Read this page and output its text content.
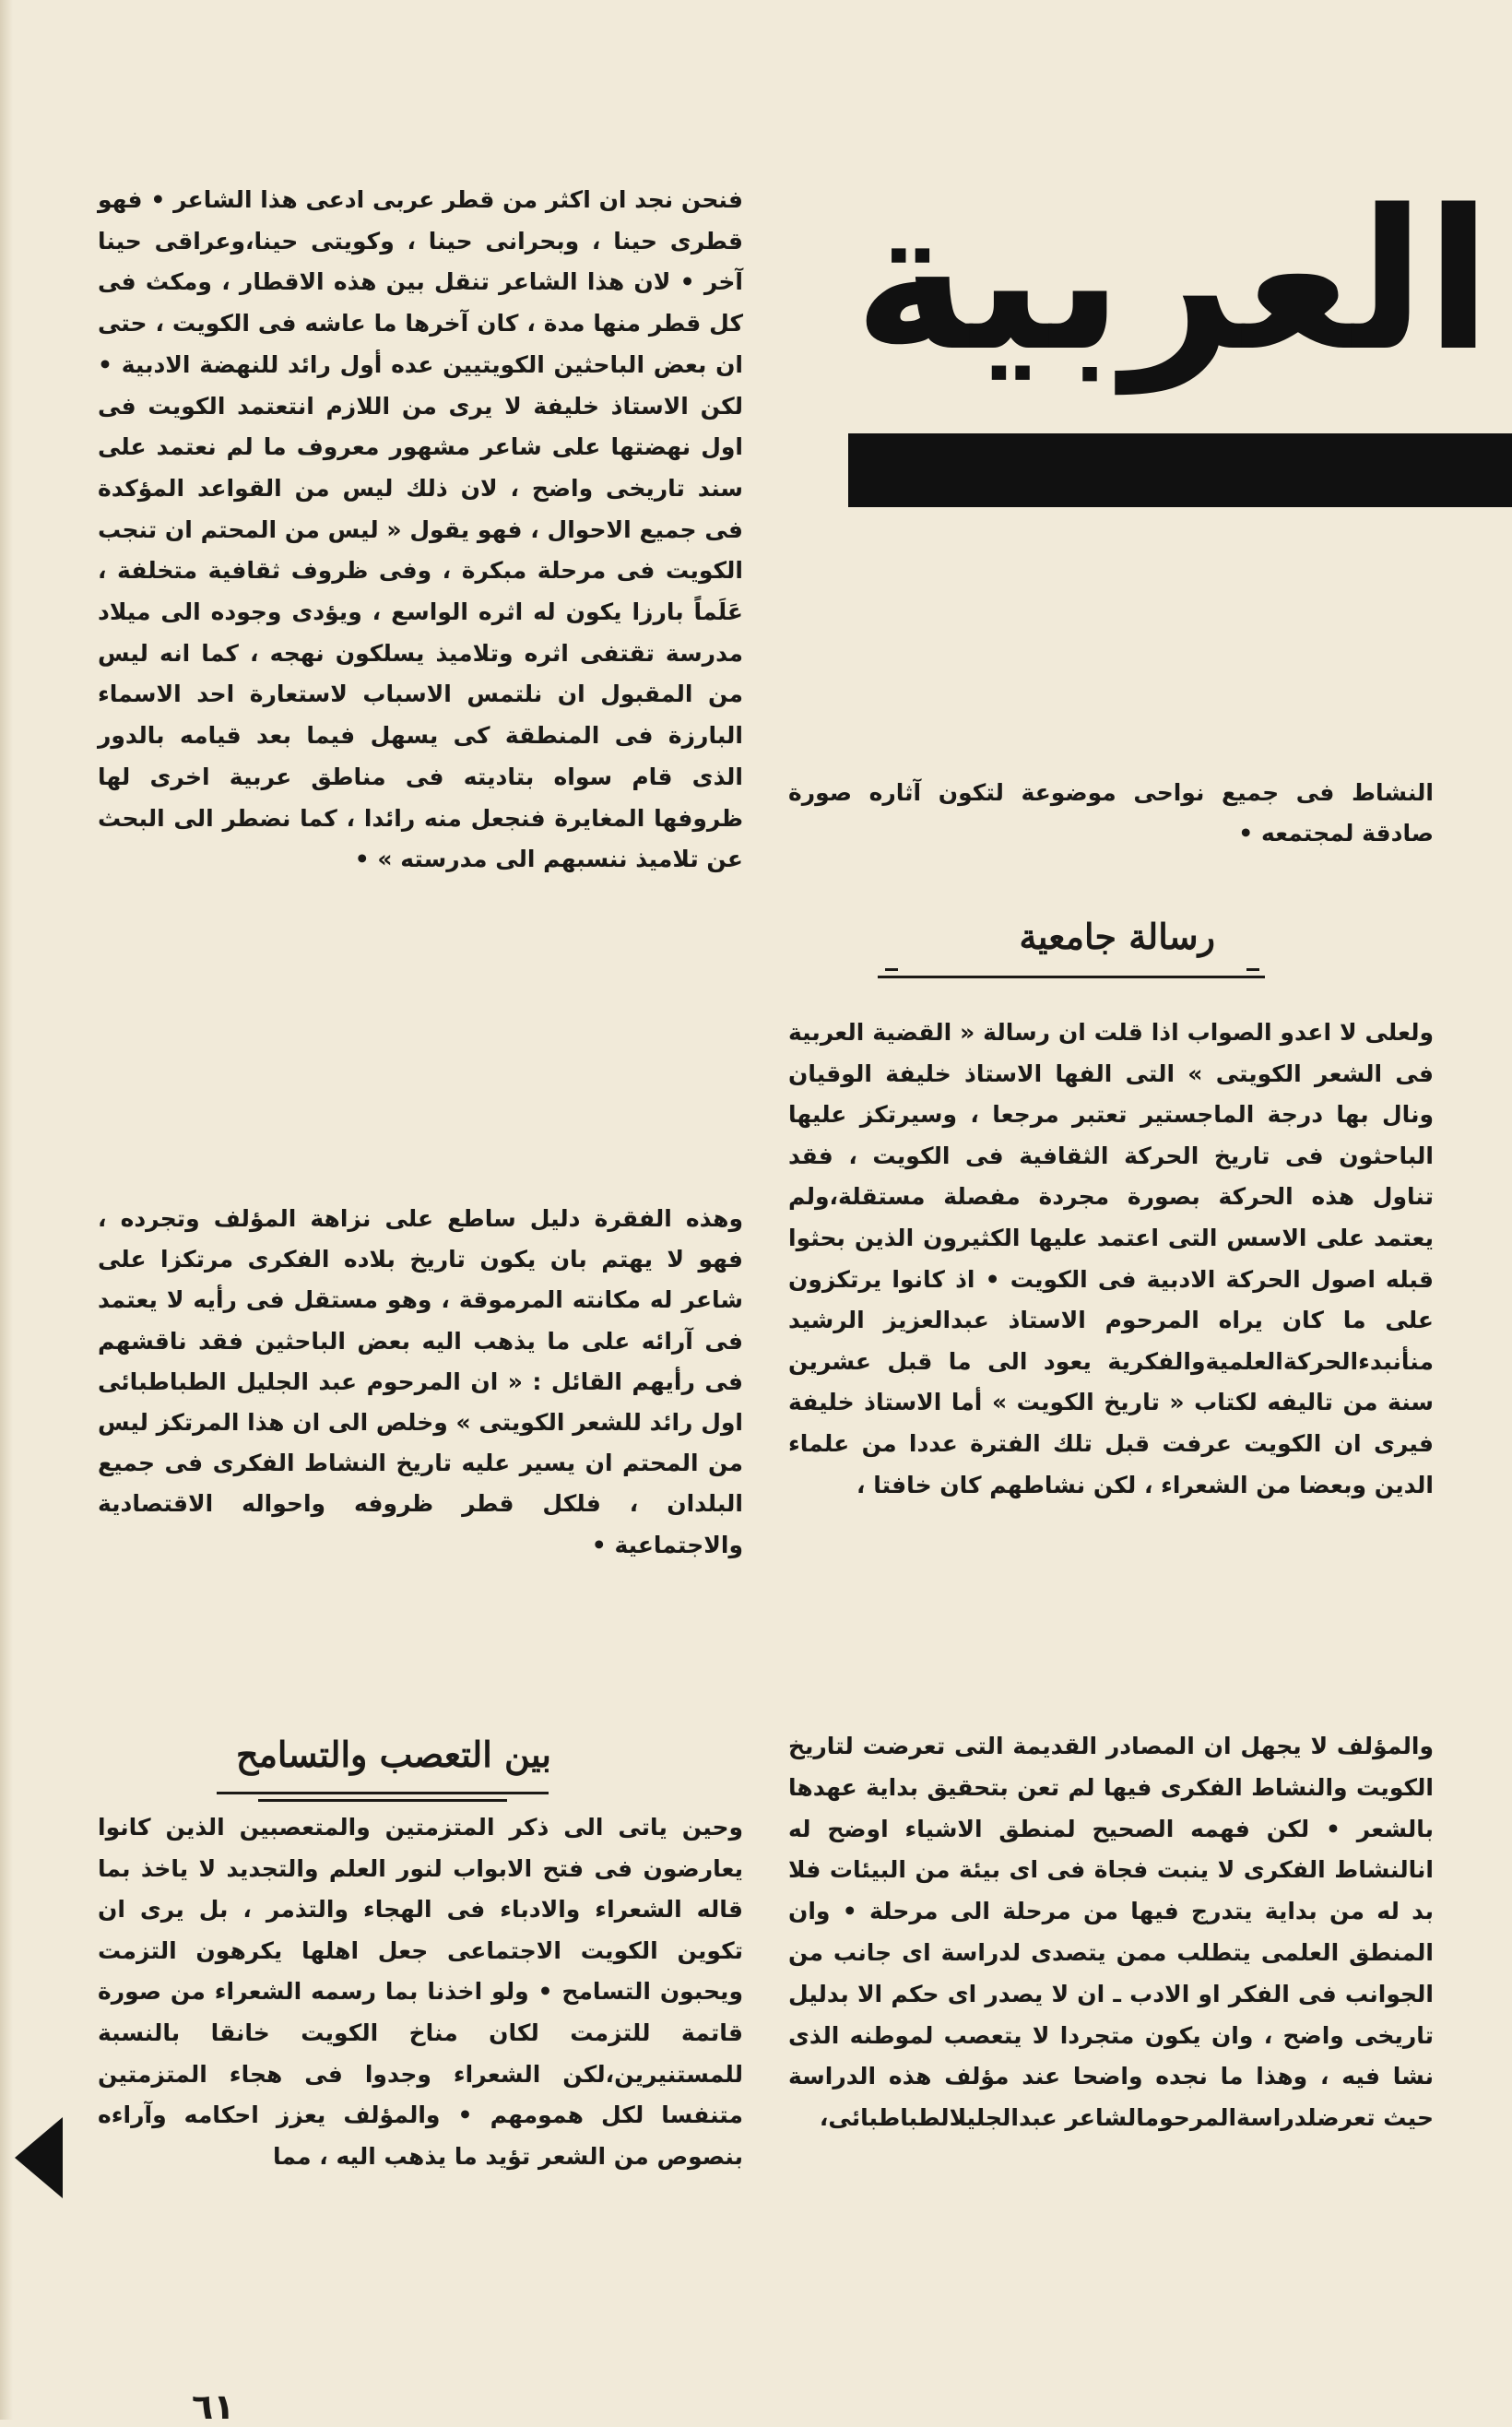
العربية

فنحن نجد ان اكثر من قطر عربى ادعى هذا الشاعر • فهو قطرى حينا ، وبحرانى حينا ، وكويتى حينا،وعراقى حينا آخر • لان هذا الشاعر تنقل بين هذه الاقطار ، ومكث فى كل قطر منها مدة ، كان آخرها ما عاشه فى الكويت ، حتى ان بعض الباحثين الكويتيين عده أول رائد للنهضة الادبية • لكن الاستاذ خليفة لا يرى من اللازم انتعتمد الكويت فى اول نهضتها على شاعر مشهور معروف ما لم نعتمد على سند تاريخى واضح ، لان ذلك ليس من القواعد المؤكدة فى جميع الاحوال ، فهو يقول « ليس من المحتم ان تنجب الكويت فى مرحلة مبكرة ، وفى ظروف ثقافية متخلفة ، عَلَماً بارزا يكون له اثره الواسع ، ويؤدى وجوده الى ميلاد مدرسة تقتفى اثره وتلاميذ يسلكون نهجه ، كما انه ليس من المقبول ان نلتمس الاسباب لاستعارة احد الاسماء البارزة فى المنطقة كى يسهل فيما بعد قيامه بالدور الذى قام سواه بتاديته فى مناطق عربية اخرى لها ظروفها المغايرة فنجعل منه رائدا ، كما نضطر الى البحث عن تلاميذ ننسبهم الى مدرسته » •

وهذه الفقرة دليل ساطع على نزاهة المؤلف وتجرده ، فهو لا يهتم بان يكون تاريخ بلاده الفكرى مرتكزا على شاعر له مكانته المرموقة ، وهو مستقل فى رأيه لا يعتمد فى آرائه على ما يذهب اليه بعض الباحثين فقد ناقشهم فى رأيهم القائل : « ان المرحوم عبد الجليل الطباطبائى اول رائد للشعر الكويتى » وخلص الى ان هذا المرتكز ليس من المحتم ان يسير عليه تاريخ النشاط الفكرى فى جميع البلدان ، فلكل قطر ظروفه واحواله الاقتصادية والاجتماعية •

بين التعصب والتسامح

وحين ياتى الى ذكر المتزمتين والمتعصبين الذين كانوا يعارضون فى فتح الابواب لنور العلم والتجديد لا ياخذ بما قاله الشعراء والادباء فى الهجاء والتذمر ، بل يرى ان تكوين الكويت الاجتماعى جعل اهلها يكرهون التزمت ويحبون التسامح • ولو اخذنا بما رسمه الشعراء من صورة قاتمة للتزمت لكان مناخ الكويت خانقا بالنسبة للمستنيرين،لكن الشعراء وجدوا فى هجاء المتزمتين متنفسا لكل همومهم • والمؤلف يعزز احكامه وآراءه بنصوص من الشعر تؤيد ما يذهب اليه ، مما

النشاط فى جميع نواحى موضوعة لتكون آثاره صورة صادقة لمجتمعه •

رسالة جامعية

ولعلى لا اعدو الصواب اذا قلت ان رسالة « القضية العربية فى الشعر الكويتى » التى الفها الاستاذ خليفة الوقيان ونال بها درجة الماجستير تعتبر مرجعا ، وسيرتكز عليها الباحثون فى تاريخ الحركة الثقافية فى الكويت ، فقد تناول هذه الحركة بصورة مجردة مفصلة مستقلة،ولم يعتمد على الاسس التى اعتمد عليها الكثيرون الذين بحثوا قبله اصول الحركة الادبية فى الكويت • اذ كانوا يرتكزون على ما كان يراه المرحوم الاستاذ عبدالعزيز الرشيد منأنبدءالحركةالعلميةوالفكرية يعود الى ما قبل عشرين سنة من تاليفه لكتاب « تاريخ الكويت » أما الاستاذ خليفة فيرى ان الكويت عرفت قبل تلك الفترة عددا من علماء الدين وبعضا من الشعراء ، لكن نشاطهم كان خافتا ،

والمؤلف لا يجهل ان المصادر القديمة التى تعرضت لتاريخ الكويت والنشاط الفكرى فيها لم تعن بتحقيق بداية عهدها بالشعر • لكن فهمه الصحيح لمنطق الاشياء اوضح له انالنشاط الفكرى لا ينبت فجاة فى اى بيئة من البيئات فلا بد له من بداية يتدرج فيها من مرحلة الى مرحلة • وان المنطق العلمى يتطلب ممن يتصدى لدراسة اى جانب من الجوانب فى الفكر او الادب ـ ان لا يصدر اى حكم الا بدليل تاريخى واضح ، وان يكون متجردا لا يتعصب لموطنه الذى نشا فيه ، وهذا ما نجده واضحا عند مؤلف هذه الدراسة حيث تعرضلدراسةالمرحومالشاعر عبدالجليلالطباطبائى،

٦١
